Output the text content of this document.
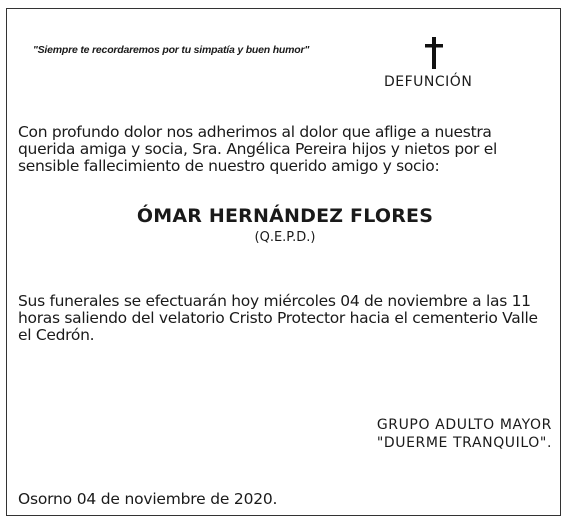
"Siempre te recordaremos por tu simpatía y buen humor"
DEFUNCIÓN
Con profundo dolor nos adherimos al dolor que aflige a nuestra querida amiga y socia, Sra. Angélica Pereira hijos y nietos por el sensible fallecimiento de nuestro querido amigo y socio:
ÓMAR HERNÁNDEZ FLORES
(Q.E.P.D.)
Sus funerales se efectuarán hoy miércoles 04 de noviembre a las 11 horas saliendo del velatorio Cristo Protector hacia el cementerio Valle el Cedrón.
GRUPO ADULTO MAYOR
"DUERME TRANQUILO".
Osorno 04 de noviembre de 2020.
